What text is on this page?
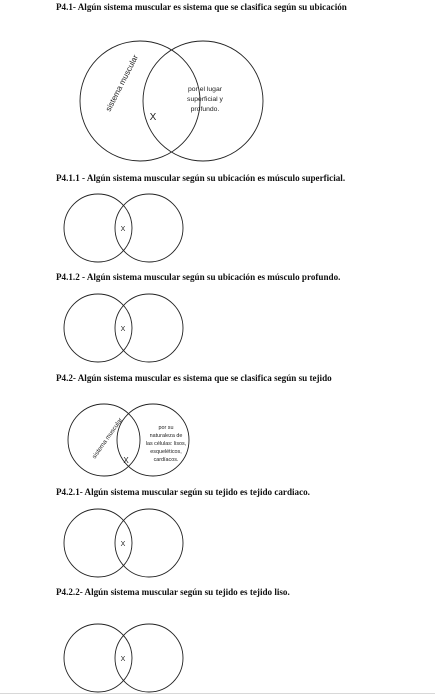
P4.1- Algún sistema muscular es sistema que se clasifica según su ubicación
sistema muscular	por el lugar
superficial y
profundo.
X
P4.1.1 - Algún sistema muscular según su ubicación es músculo superficial.
X
P4.1.2 - Algún sistema muscular según su ubicación es músculo profundo.
X
P4.2- Algún sistema muscular es sistema que se clasifica según su tejido
sistema muscular	por su
naturaleza de
las células: lisos,
esqueléticos,
cardíacos.
X
P4.2.1- Algún sistema muscular según su tejido es tejido cardiaco.
X
P4.2.2- Algún sistema muscular según su tejido es tejido liso.
X
